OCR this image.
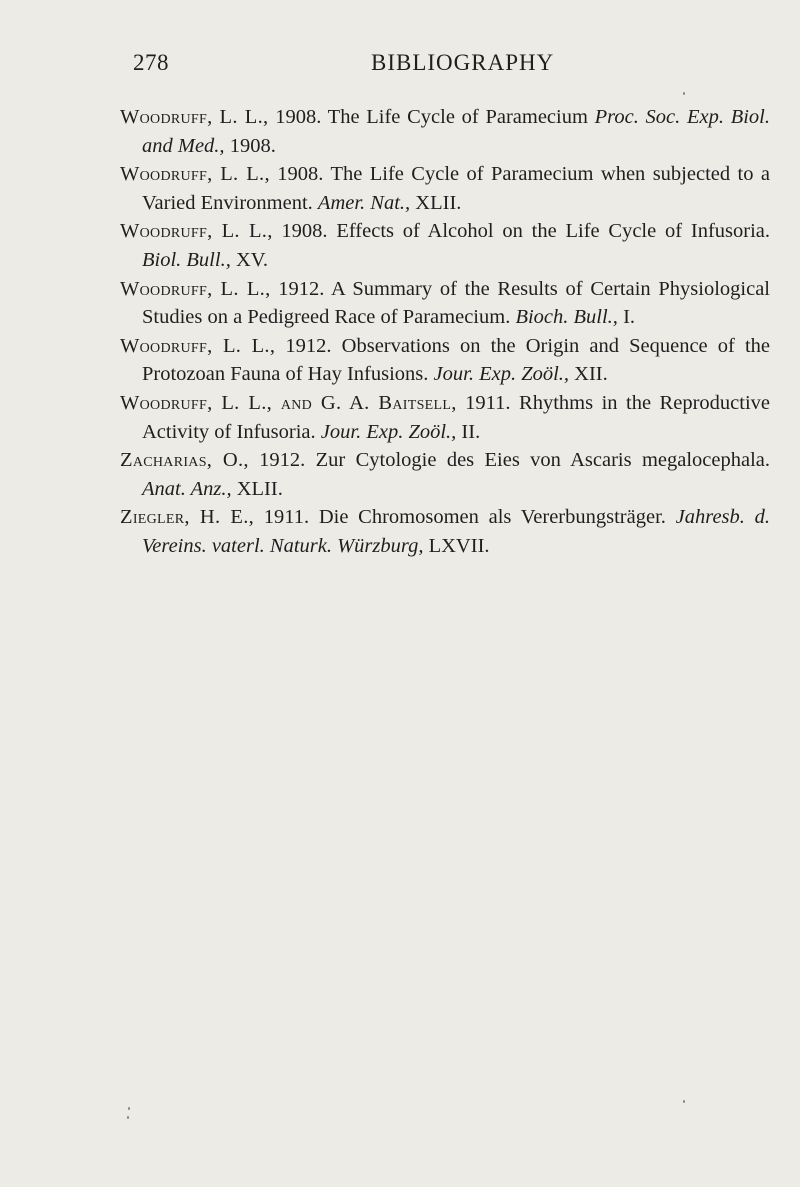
278	BIBLIOGRAPHY

Woodruff, L. L., 1908. The Life Cycle of Paramecium Proc. Soc. Exp. Biol. and Med., 1908.

Woodruff, L. L., 1908. The Life Cycle of Paramecium when subjected to a Varied Environment. Amer. Nat., XLII.

Woodruff, L. L., 1908. Effects of Alcohol on the Life Cycle of Infusoria. Biol. Bull., XV.

Woodruff, L. L., 1912. A Summary of the Results of Certain Physiological Studies on a Pedigreed Race of Paramecium. Bioch. Bull., I.

Woodruff, L. L., 1912. Observations on the Origin and Sequence of the Protozoan Fauna of Hay Infusions. Jour. Exp. Zoöl., XII.

Woodruff, L. L., and G. A. Baitsell, 1911. Rhythms in the Reproductive Activity of Infusoria. Jour. Exp. Zoöl., II.

Zacharias, O., 1912. Zur Cytologie des Eies von Ascaris megalocephala. Anat. Anz., XLII.

Ziegler, H. E., 1911. Die Chromosomen als Vererbungsträger. Jahresb. d. Vereins. vaterl. Naturk. Würzburg, LXVII.
